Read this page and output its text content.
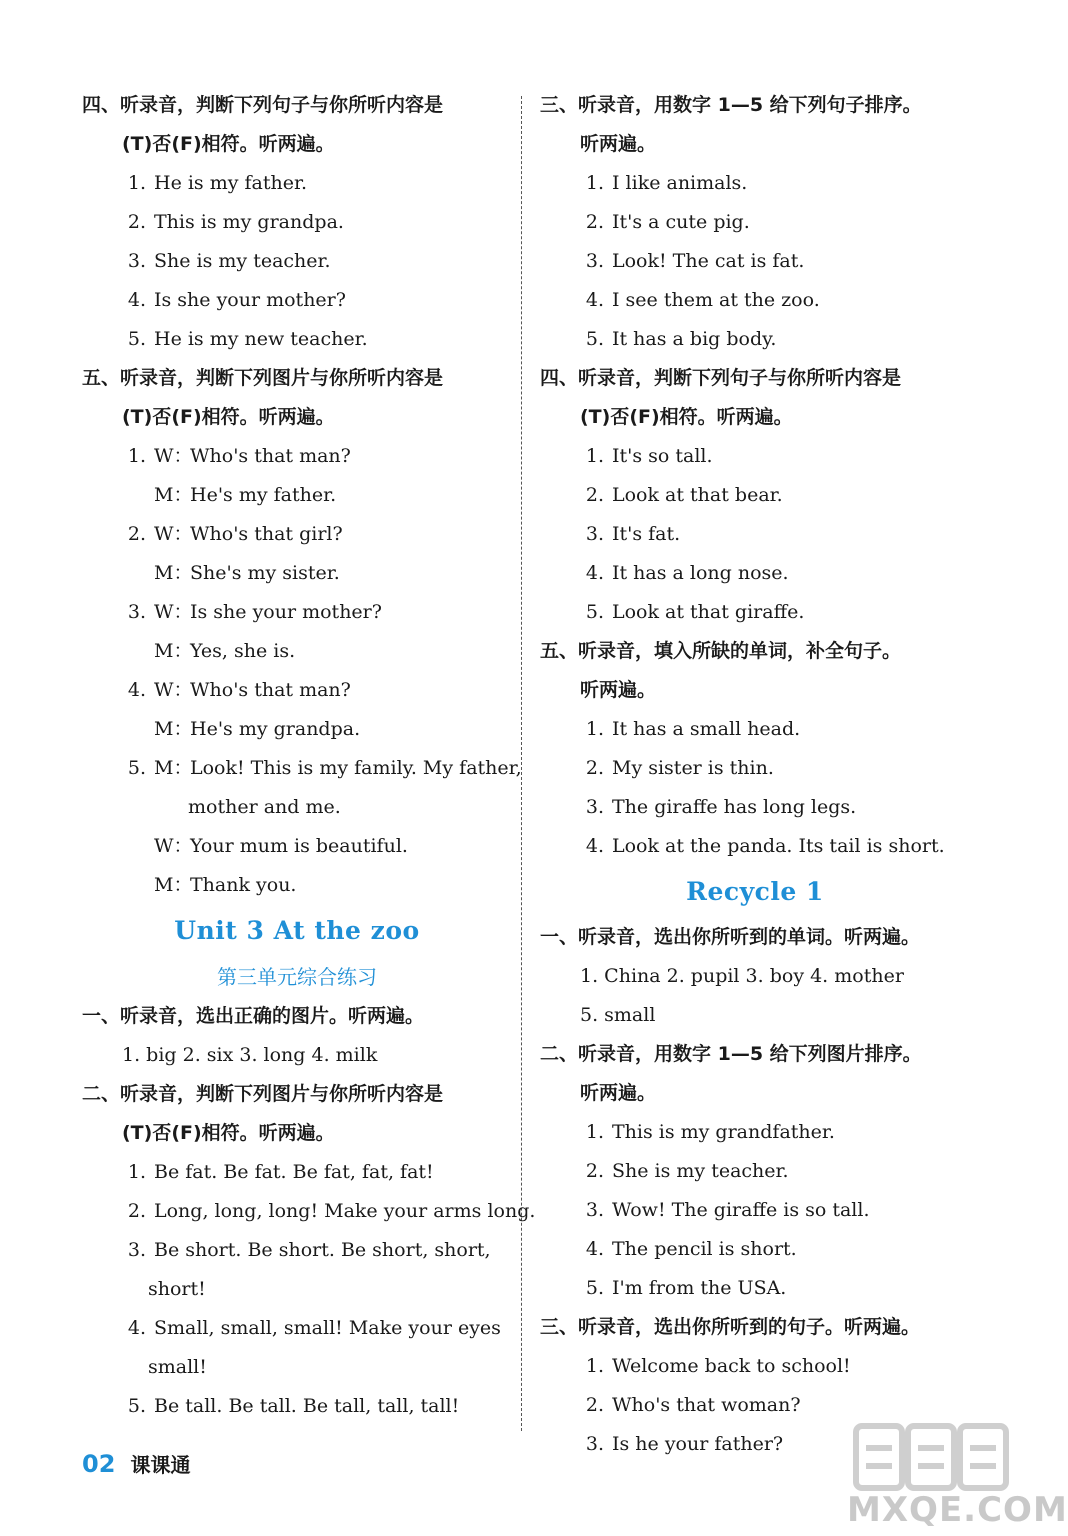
四、听录音，判断下列句子与你所听内容是
(T)否(F)相符。听两遍。
1. He is my father.
2. This is my grandpa.
3. She is my teacher.
4. Is she your mother?
5. He is my new teacher.
五、听录音，判断下列图片与你所听内容是
(T)否(F)相符。听两遍。
1. W：Who's that man?
M：He's my father.
2. W：Who's that girl?
M：She's my sister.
3. W：Is she your mother?
M：Yes, she is.
4. W：Who's that man?
M：He's my grandpa.
5. M：Look! This is my family. My father,
mother and me.
W：Your mum is beautiful.
M：Thank you.
Unit 3 At the zoo
第三单元综合练习
一、听录音，选出正确的图片。听两遍。
1. big 2. six 3. long 4. milk
二、听录音，判断下列图片与你所听内容是
(T)否(F)相符。听两遍。
1. Be fat. Be fat. Be fat, fat, fat!
2. Long, long, long! Make your arms long.
3. Be short. Be short. Be short, short,
short!
4. Small, small, small! Make your eyes
small!
5. Be tall. Be tall. Be tall, tall, tall!
三、听录音，用数字 1—5 给下列句子排序。
听两遍。
1. I like animals.
2. It's a cute pig.
3. Look! The cat is fat.
4. I see them at the zoo.
5. It has a big body.
四、听录音，判断下列句子与你所听内容是
(T)否(F)相符。听两遍。
1. It's so tall.
2. Look at that bear.
3. It's fat.
4. It has a long nose.
5. Look at that giraffe.
五、听录音，填入所缺的单词，补全句子。
听两遍。
1. It has a small head.
2. My sister is thin.
3. The giraffe has long legs.
4. Look at the panda. Its tail is short.
Recycle 1
一、听录音，选出你所听到的单词。听两遍。
1. China 2. pupil 3. boy 4. mother
5. small
二、听录音，用数字 1—5 给下列图片排序。
听两遍。
1. This is my grandfather.
2. She is my teacher.
3. Wow! The giraffe is so tall.
4. The pencil is short.
5. I'm from the USA.
三、听录音，选出你所听到的句子。听两遍。
1. Welcome back to school!
2. Who's that woman?
3. Is he your father?
02 课课通
MXQE.COM
